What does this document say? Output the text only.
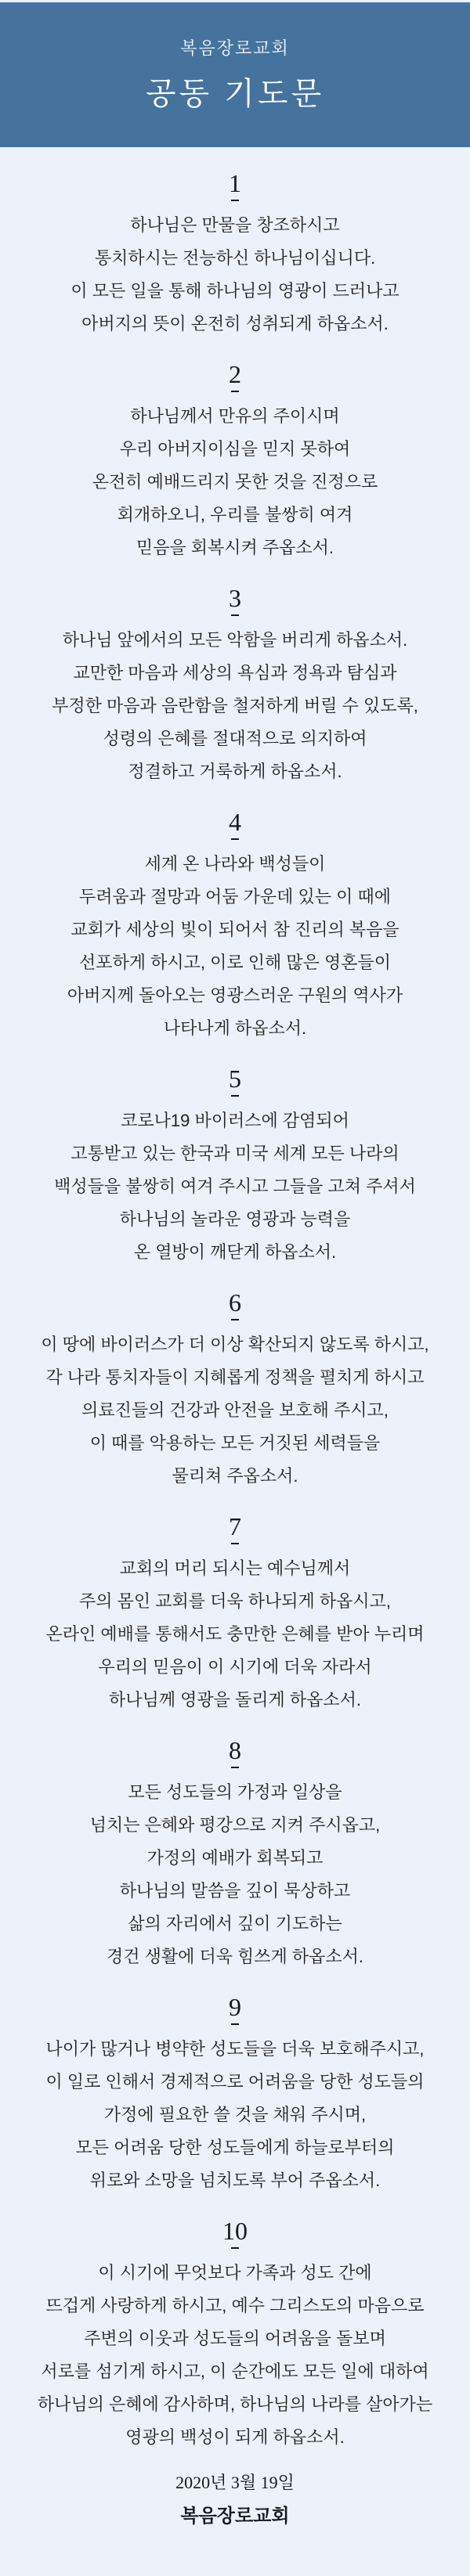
복음장로교회
공동 기도문
1

하나님은 만물을 창조하시고

통치하시는 전능하신 하나님이십니다.

이 모든 일을 통해 하나님의 영광이 드러나고

아버지의 뜻이 온전히 성취되게 하옵소서.

2

하나님께서 만유의 주이시며

우리 아버지이심을 믿지 못하여

온전히 예배드리지 못한 것을 진정으로

회개하오니, 우리를 불쌍히 여겨

믿음을 회복시켜 주옵소서.

3

하나님 앞에서의 모든 악함을 버리게 하옵소서.

교만한 마음과 세상의 욕심과 정욕과 탐심과

부정한 마음과 음란함을 철저하게 버릴 수 있도록,

성령의 은혜를 절대적으로 의지하여

정결하고 거룩하게 하옵소서.

4

세계 온 나라와 백성들이

두려움과 절망과 어둠 가운데 있는 이 때에

교회가 세상의 빛이 되어서 참 진리의 복음을

선포하게 하시고, 이로 인해 많은 영혼들이

아버지께 돌아오는 영광스러운 구원의 역사가

나타나게 하옵소서.

5

코로나19 바이러스에 감염되어

고통받고 있는 한국과 미국 세계 모든 나라의

백성들을 불쌍히 여겨 주시고 그들을 고쳐 주셔서

하나님의 놀라운 영광과 능력을

온 열방이 깨닫게 하옵소서.

6

이 땅에 바이러스가 더 이상 확산되지 않도록 하시고,

각 나라 통치자들이 지혜롭게 정책을 펼치게 하시고

의료진들의 건강과 안전을 보호해 주시고,

이 때를 악용하는 모든 거짓된 세력들을

물리쳐 주옵소서.

7

교회의 머리 되시는 예수님께서

주의 몸인 교회를 더욱 하나되게 하옵시고,

온라인 예배를 통해서도 충만한 은혜를 받아 누리며

우리의 믿음이 이 시기에 더욱 자라서

하나님께 영광을 돌리게 하옵소서.

8

모든 성도들의 가정과 일상을

넘치는 은혜와 평강으로 지켜 주시옵고,

가정의 예배가 회복되고

하나님의 말씀을 깊이 묵상하고

삶의 자리에서 깊이 기도하는

경건 생활에 더욱 힘쓰게 하옵소서.

9

나이가 많거나 병약한 성도들을 더욱 보호해주시고,

이 일로 인해서 경제적으로 어려움을 당한 성도들의

가정에 필요한 쓸 것을 채워 주시며,

모든 어려움 당한 성도들에게 하늘로부터의

위로와 소망을 넘치도록 부어 주옵소서.

10

이 시기에 무엇보다 가족과 성도 간에

뜨겁게 사랑하게 하시고, 예수 그리스도의 마음으로

주변의 이웃과 성도들의 어려움을 돌보며

서로를 섬기게 하시고, 이 순간에도 모든 일에 대하여

하나님의 은혜에 감사하며, 하나님의 나라를 살아가는

영광의 백성이 되게 하옵소서.

2020년 3월 19일
복음장로교회
